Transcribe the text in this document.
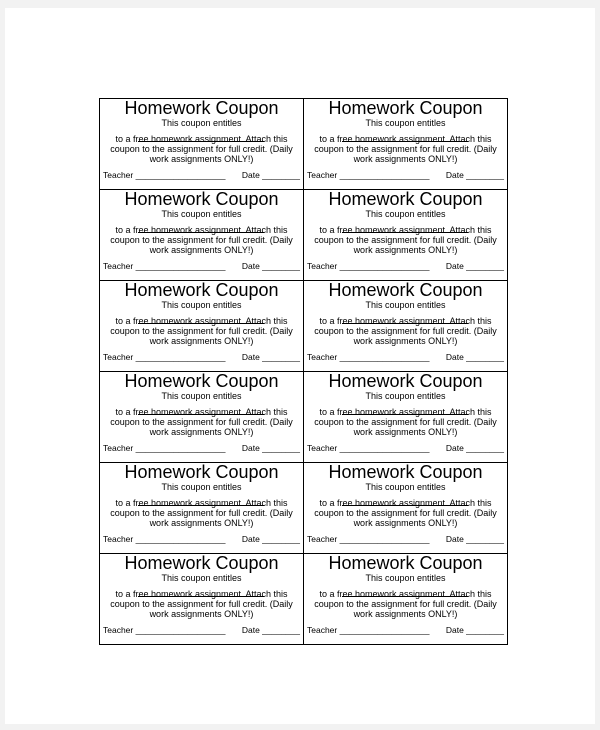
Homework Coupon
This coupon entitles
to a free homework assignment. Attach this coupon to the assignment for full credit. (Daily work assignments ONLY!)
Teacher ___________________ Date ________
Homework Coupon
This coupon entitles
to a free homework assignment. Attach this coupon to the assignment for full credit. (Daily work assignments ONLY!)
Teacher ___________________ Date ________
Homework Coupon
This coupon entitles
to a free homework assignment. Attach this coupon to the assignment for full credit. (Daily work assignments ONLY!)
Teacher ___________________ Date ________
Homework Coupon
This coupon entitles
to a free homework assignment. Attach this coupon to the assignment for full credit. (Daily work assignments ONLY!)
Teacher ___________________ Date ________
Homework Coupon
This coupon entitles
to a free homework assignment. Attach this coupon to the assignment for full credit. (Daily work assignments ONLY!)
Teacher ___________________ Date ________
Homework Coupon
This coupon entitles
to a free homework assignment. Attach this coupon to the assignment for full credit. (Daily work assignments ONLY!)
Teacher ___________________ Date ________
Homework Coupon
This coupon entitles
to a free homework assignment. Attach this coupon to the assignment for full credit. (Daily work assignments ONLY!)
Teacher ___________________ Date ________
Homework Coupon
This coupon entitles
to a free homework assignment. Attach this coupon to the assignment for full credit. (Daily work assignments ONLY!)
Teacher ___________________ Date ________
Homework Coupon
This coupon entitles
to a free homework assignment. Attach this coupon to the assignment for full credit. (Daily work assignments ONLY!)
Teacher ___________________ Date ________
Homework Coupon
This coupon entitles
to a free homework assignment. Attach this coupon to the assignment for full credit. (Daily work assignments ONLY!)
Teacher ___________________ Date ________
Homework Coupon
This coupon entitles
to a free homework assignment. Attach this coupon to the assignment for full credit. (Daily work assignments ONLY!)
Teacher ___________________ Date ________
Homework Coupon
This coupon entitles
to a free homework assignment. Attach this coupon to the assignment for full credit. (Daily work assignments ONLY!)
Teacher ___________________ Date ________
